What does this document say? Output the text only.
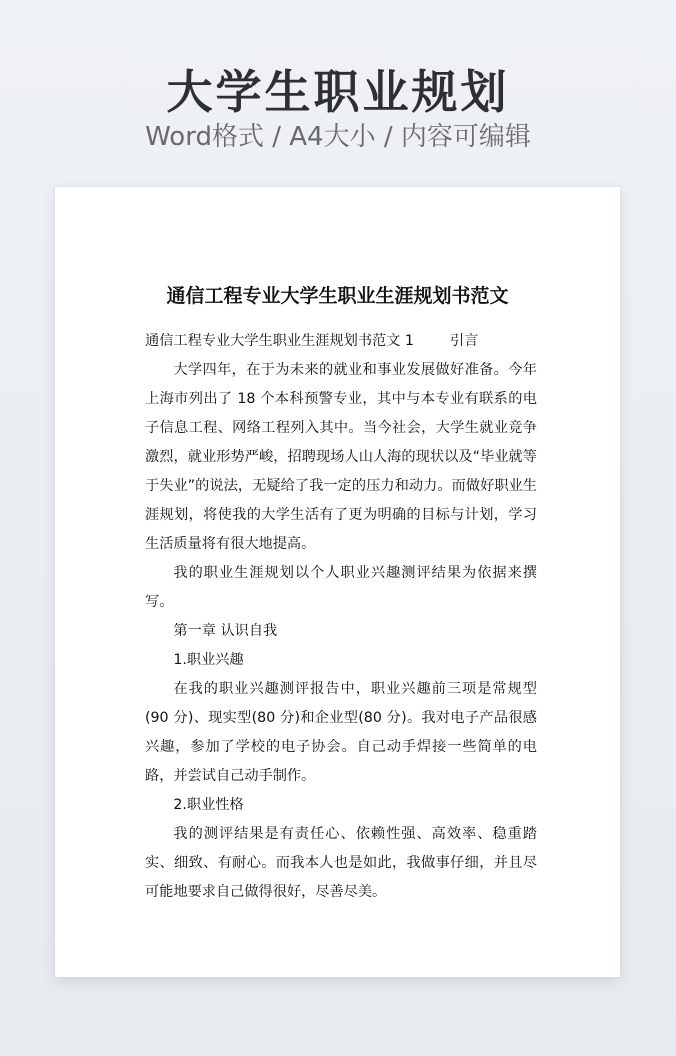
大学生职业规划
Word格式 / A4大小 / 内容可编辑
通信工程专业大学生职业生涯规划书范文

通信工程专业大学生职业生涯规划书范文 1        引言

大学四年，在于为未来的就业和事业发展做好准备。今年上海市列出了 18 个本科预警专业，其中与本专业有联系的电子信息工程、网络工程列入其中。当今社会，大学生就业竞争激烈，就业形势严峻，招聘现场人山人海的现状以及“毕业就等于失业”的说法，无疑给了我一定的压力和动力。而做好职业生涯规划，将使我的大学生活有了更为明确的目标与计划，学习生活质量将有很大地提高。

我的职业生涯规划以个人职业兴趣测评结果为依据来撰写。

第一章 认识自我

1.职业兴趣

在我的职业兴趣测评报告中，职业兴趣前三项是常规型(90 分)、现实型(80 分)和企业型(80 分)。我对电子产品很感兴趣，参加了学校的电子协会。自己动手焊接一些简单的电路，并尝试自己动手制作。

2.职业性格

我的测评结果是有责任心、依赖性强、高效率、稳重踏实、细致、有耐心。而我本人也是如此，我做事仔细，并且尽可能地要求自己做得很好，尽善尽美。
